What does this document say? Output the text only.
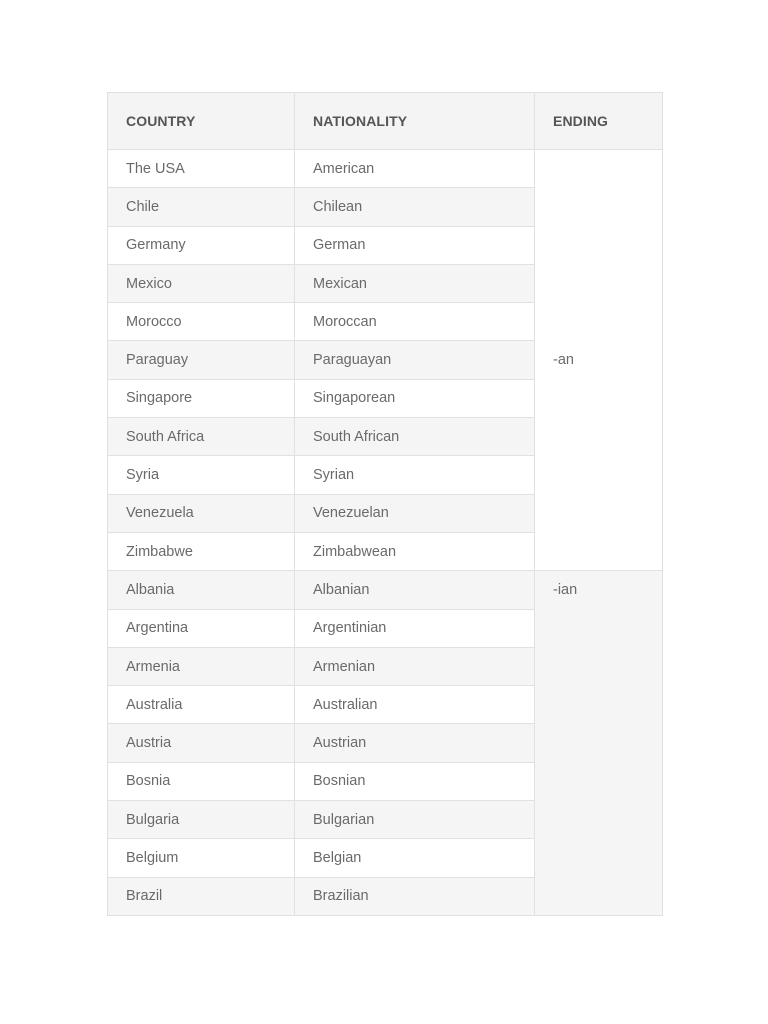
COUNTRY	NATIONALITY	ENDING
The USA	American	-an
Chile	Chilean	
Germany	German	
Mexico	Mexican	
Morocco	Moroccan	
Paraguay	Paraguayan	
Singapore	Singaporean	
South Africa	South African	
Syria	Syrian	
Venezuela	Venezuelan	
Zimbabwe	Zimbabwean	
Albania	Albanian	-ian
Argentina	Argentinian	
Armenia	Armenian	
Australia	Australian	
Austria	Austrian	
Bosnia	Bosnian	
Bulgaria	Bulgarian	
Belgium	Belgian	
Brazil	Brazilian	
